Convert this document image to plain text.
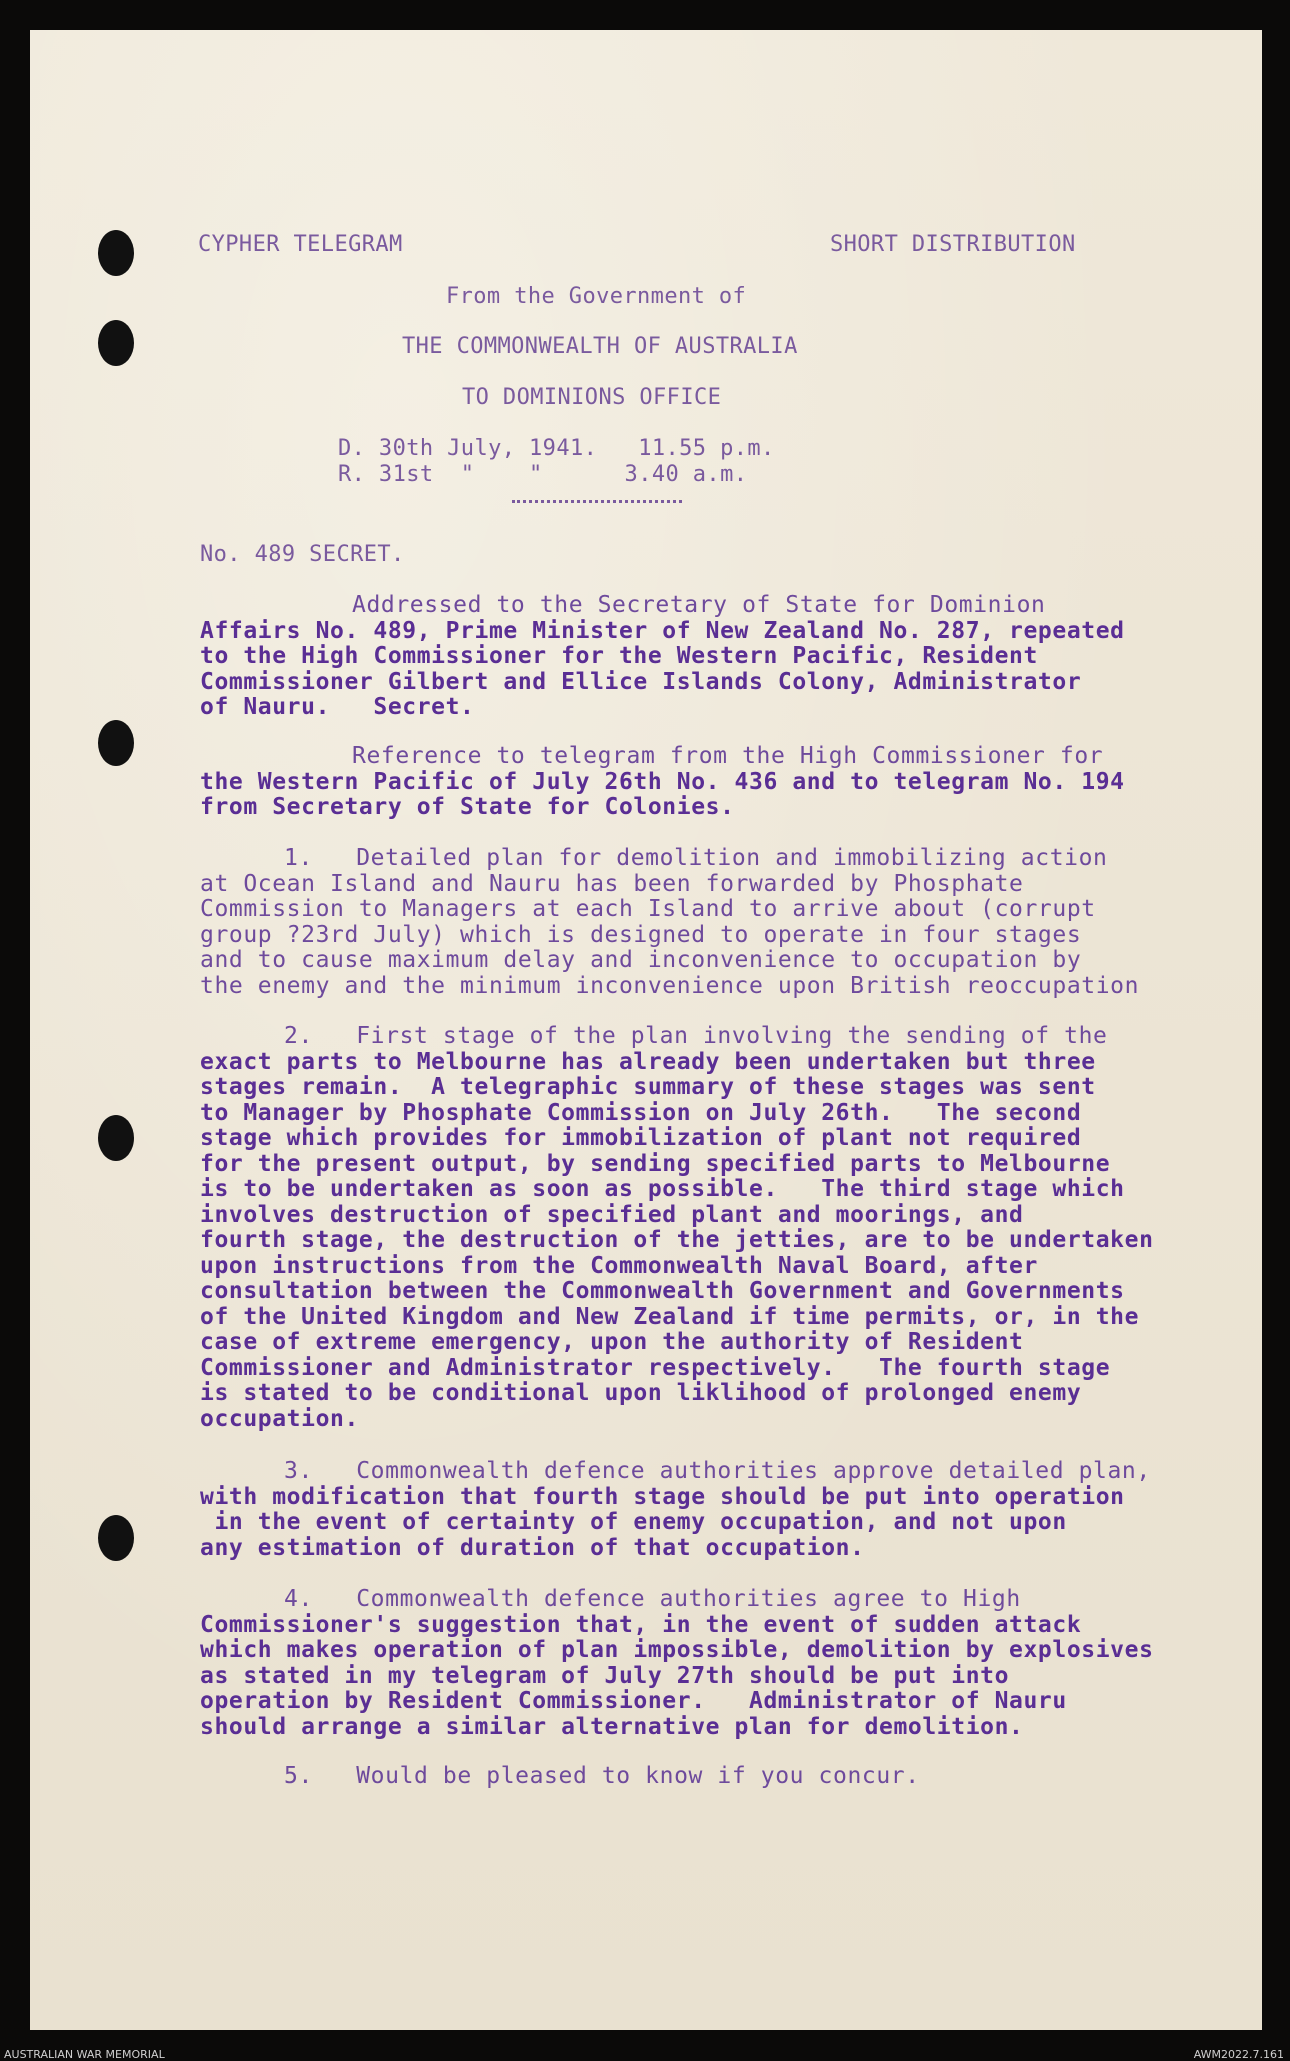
CYPHER TELEGRAM	SHORT DISTRIBUTION
From the Government of
THE COMMONWEALTH OF AUSTRALIA
TO DOMINIONS OFFICE
D. 30th July, 1941.   11.55 p.m.
R. 31st  "    "      3.40 a.m.
No. 489 SECRET.
Addressed to the Secretary of State for Dominion
Affairs No. 489, Prime Minister of New Zealand No. 287, repeated
to the High Commissioner for the Western Pacific, Resident
Commissioner Gilbert and Ellice Islands Colony, Administrator
of Nauru.   Secret.
Reference to telegram from the High Commissioner for
the Western Pacific of July 26th No. 436 and to telegram No. 194
from Secretary of State for Colonies.
1.   Detailed plan for demolition and immobilizing action
at Ocean Island and Nauru has been forwarded by Phosphate
Commission to Managers at each Island to arrive about (corrupt
group ?23rd July) which is designed to operate in four stages
and to cause maximum delay and inconvenience to occupation by
the enemy and the minimum inconvenience upon British reoccupation
2.   First stage of the plan involving the sending of the
exact parts to Melbourne has already been undertaken but three
stages remain.  A telegraphic summary of these stages was sent
to Manager by Phosphate Commission on July 26th.   The second
stage which provides for immobilization of plant not required
for the present output, by sending specified parts to Melbourne
is to be undertaken as soon as possible.   The third stage which
involves destruction of specified plant and moorings, and
fourth stage, the destruction of the jetties, are to be undertaken
upon instructions from the Commonwealth Naval Board, after
consultation between the Commonwealth Government and Governments
of the United Kingdom and New Zealand if time permits, or, in the
case of extreme emergency, upon the authority of Resident
Commissioner and Administrator respectively.   The fourth stage
is stated to be conditional upon liklihood of prolonged enemy
occupation.
3.   Commonwealth defence authorities approve detailed plan,
with modification that fourth stage should be put into operation
in the event of certainty of enemy occupation, and not upon
any estimation of duration of that occupation.
4.   Commonwealth defence authorities agree to High
Commissioner's suggestion that, in the event of sudden attack
which makes operation of plan impossible, demolition by explosives
as stated in my telegram of July 27th should be put into
operation by Resident Commissioner.   Administrator of Nauru
should arrange a similar alternative plan for demolition.
5.   Would be pleased to know if you concur.
AUSTRALIAN WAR MEMORIAL	AWM2022.7.161
